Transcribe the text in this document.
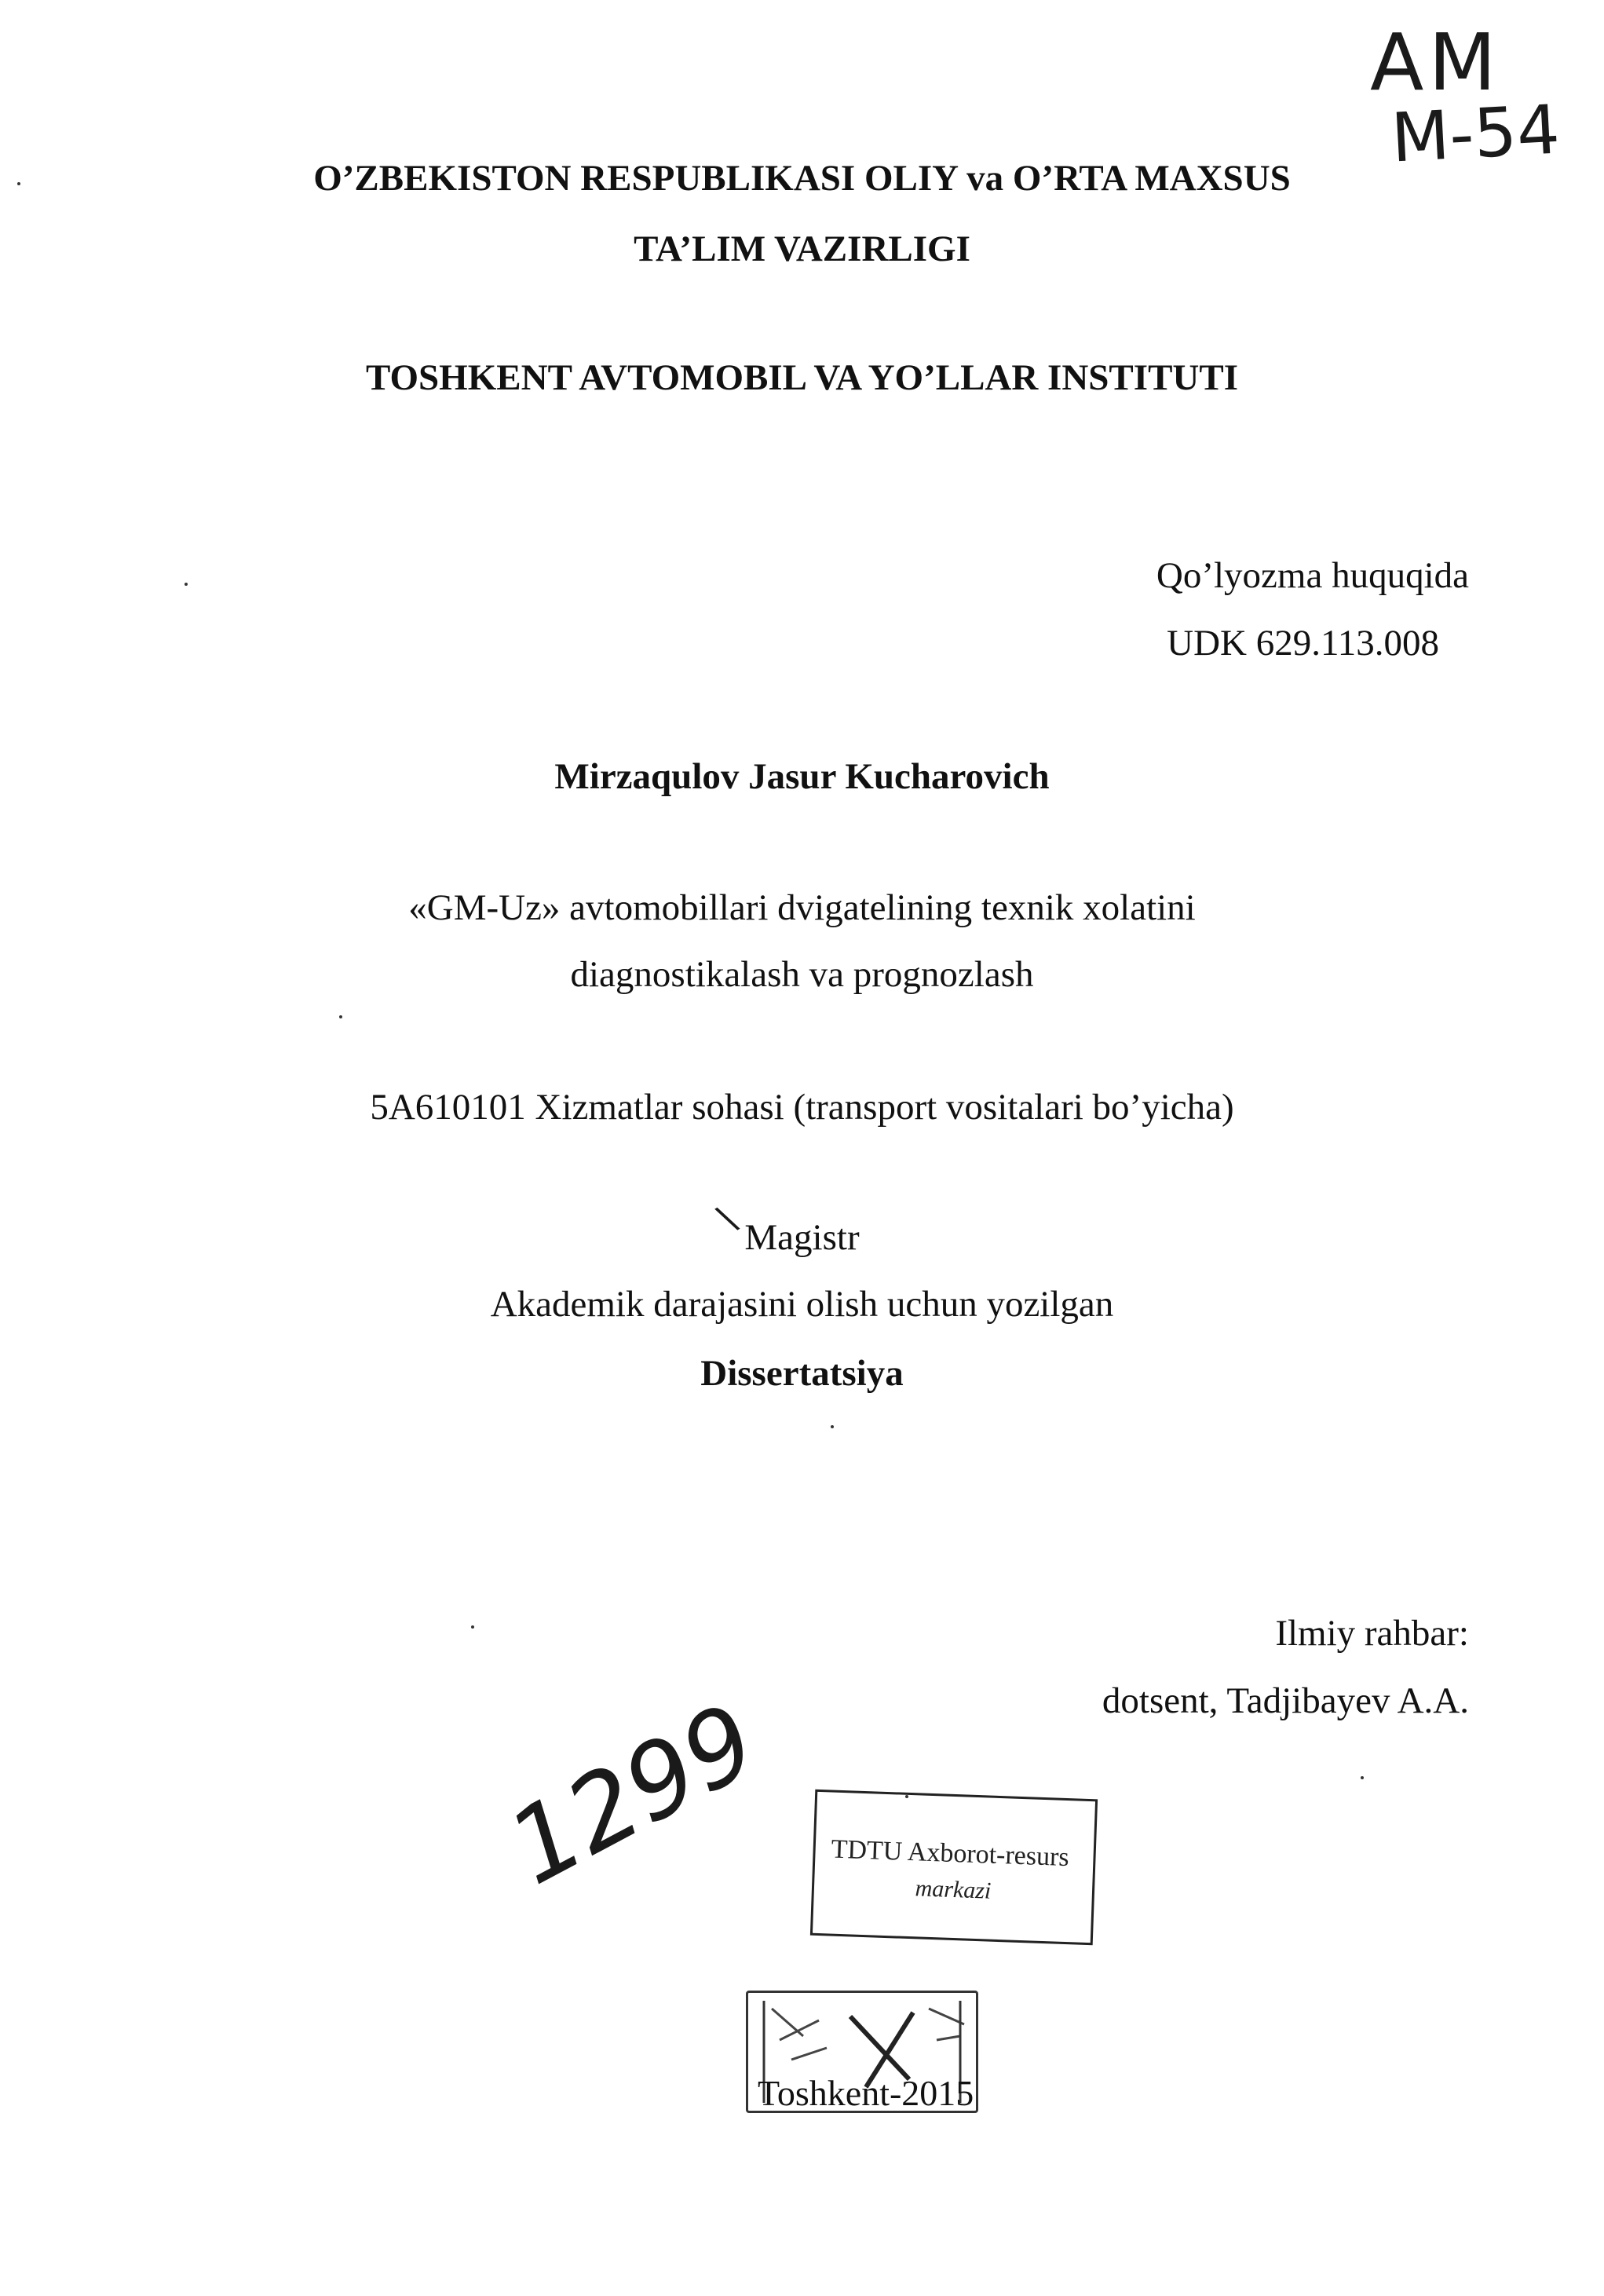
АМ
М-54
O’ZBEKISTON RESPUBLIKASI OLIY va O’RTA MAXSUS
TA’LIM VAZIRLIGI
TOSHKENT AVTOMOBIL VA YO’LLAR INSTITUTI
Qo’lyozma huquqida
UDK 629.113.008
Mirzaqulov Jasur Kucharovich
«GM-Uz» avtomobillari dvigatelining texnik xolatini
diagnostikalash va prognozlash
5A610101 Xizmatlar sohasi (transport vositalari bo’yicha)
Magistr
Akademik darajasini olish uchun yozilgan
Dissertatsiya
Ilmiy rahbar:
dotsent, Tadjibayev A.A.
1299 TDTU Axborot-resurs
markazi
Toshkent-2015
\
